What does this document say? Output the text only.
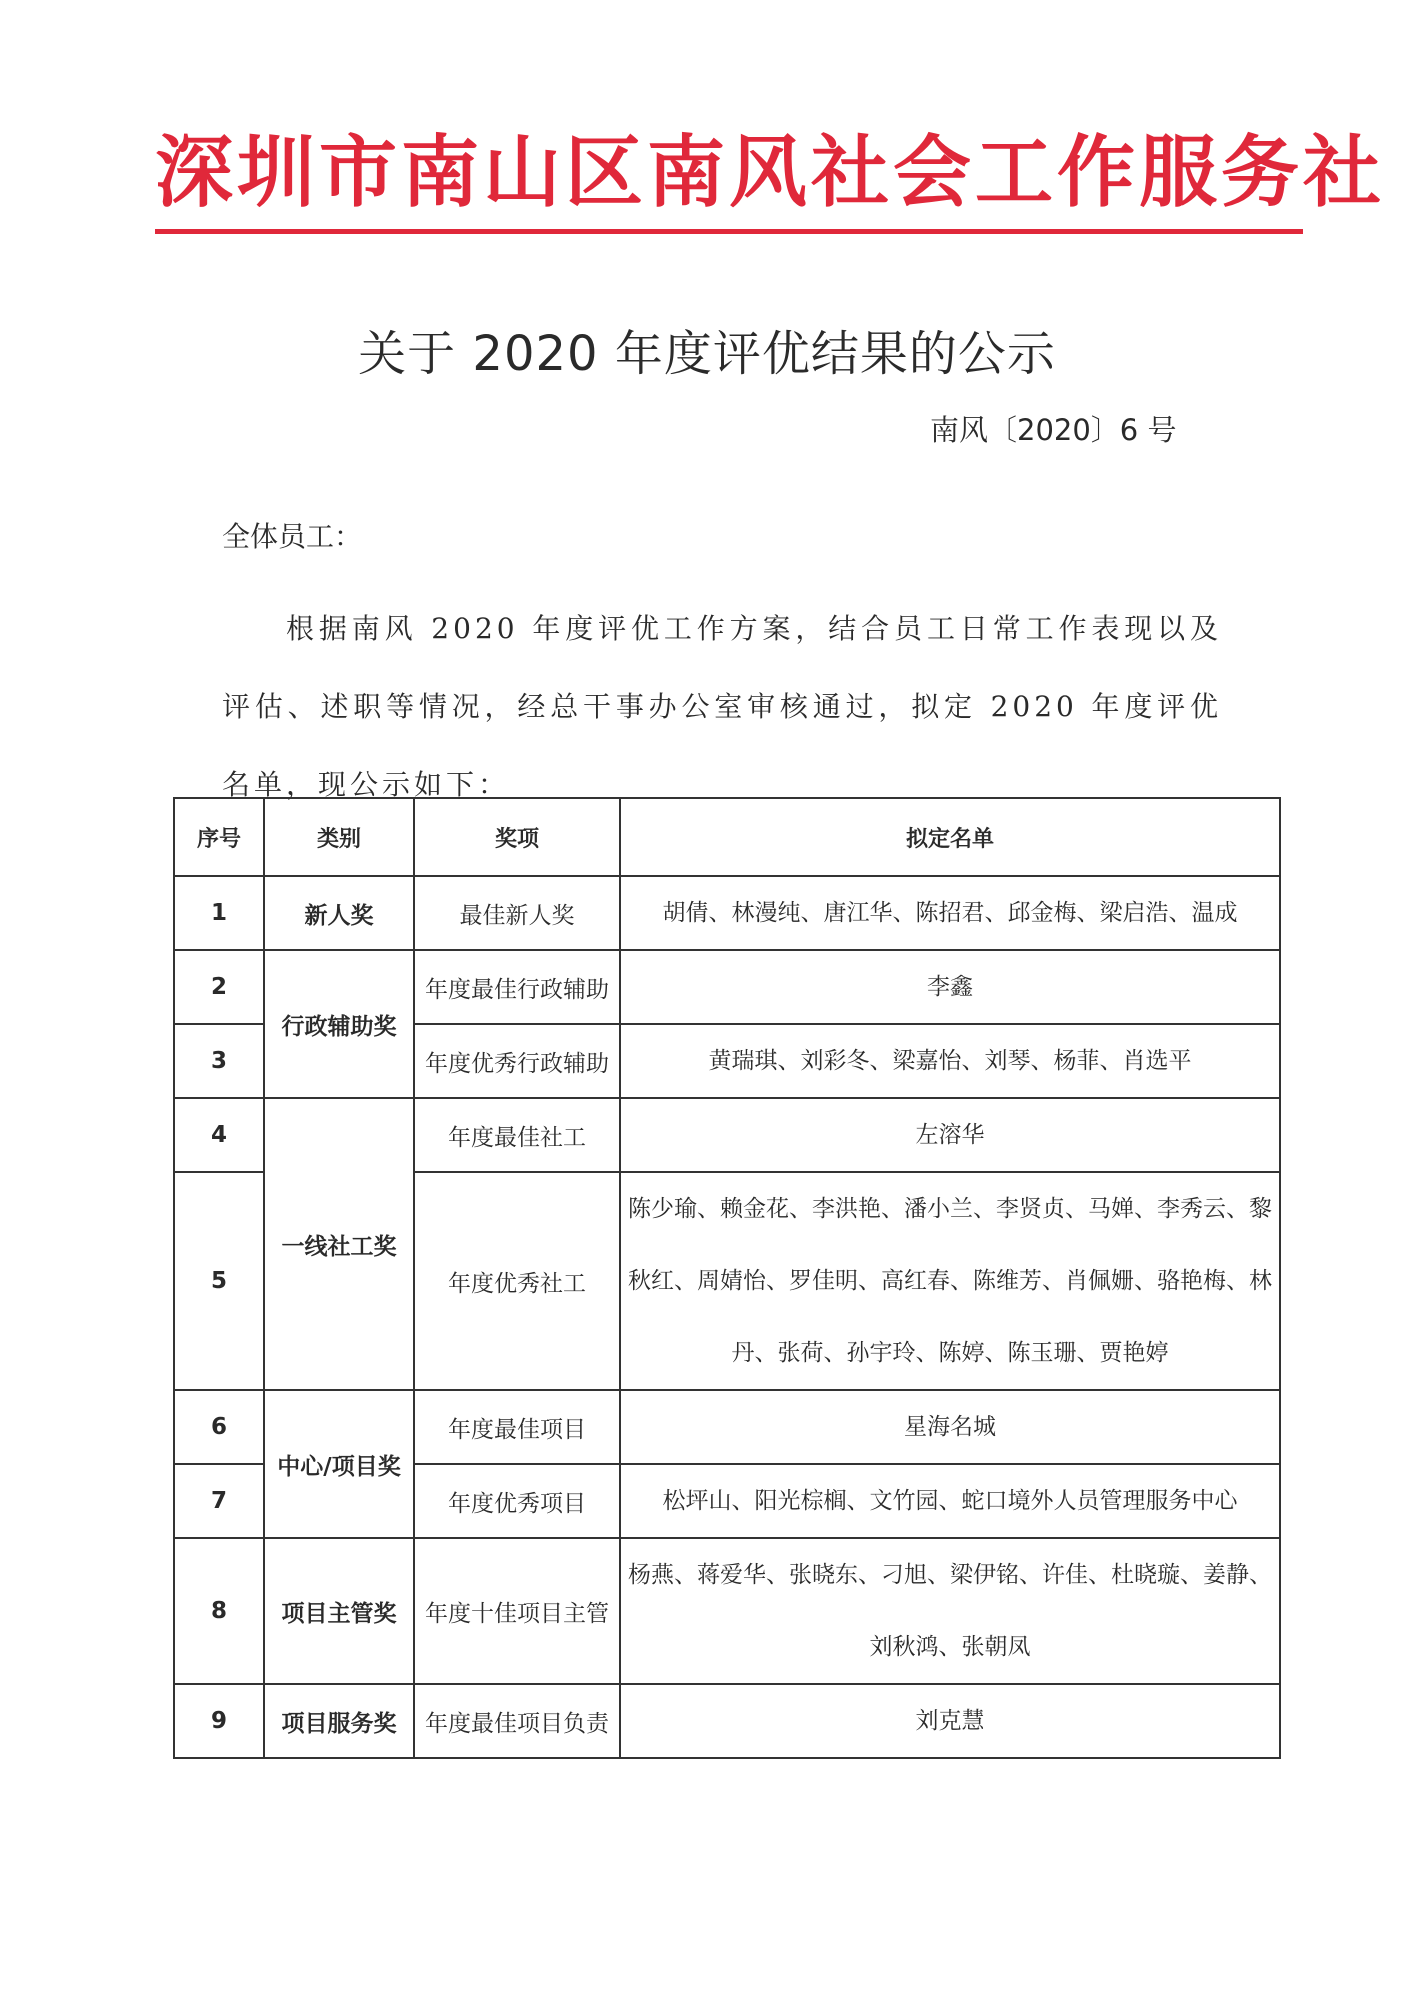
深圳市南山区南风社会工作服务社
关于 2020 年度评优结果的公示
南风〔2020〕6 号
全体员工：
根据南风 2020 年度评优工作方案，结合员工日常工作表现以及评估、述职等情况，经总干事办公室审核通过，拟定 2020 年度评优名单，现公示如下：
序号	类别	奖项	拟定名单
1	新人奖	最佳新人奖	胡倩、林漫纯、唐江华、陈招君、邱金梅、梁启浩、温成
2	行政辅助奖	年度最佳行政辅助	李鑫
3		年度优秀行政辅助	黄瑞琪、刘彩冬、梁嘉怡、刘琴、杨菲、肖选平
4	一线社工奖	年度最佳社工	左溶华
5		年度优秀社工	陈少瑜、赖金花、李洪艳、潘小兰、李贤贞、马婵、李秀云、黎秋红、周婧怡、罗佳明、高红春、陈维芳、肖佩姗、骆艳梅、林丹、张荷、孙宇玲、陈婷、陈玉珊、贾艳婷
6	中心/项目奖	年度最佳项目	星海名城
7		年度优秀项目	松坪山、阳光棕榈、文竹园、蛇口境外人员管理服务中心
8	项目主管奖	年度十佳项目主管	杨燕、蒋爱华、张晓东、刁旭、梁伊铭、许佳、杜晓璇、姜静、刘秋鸿、张朝凤
9	项目服务奖	年度最佳项目负责	刘克慧
